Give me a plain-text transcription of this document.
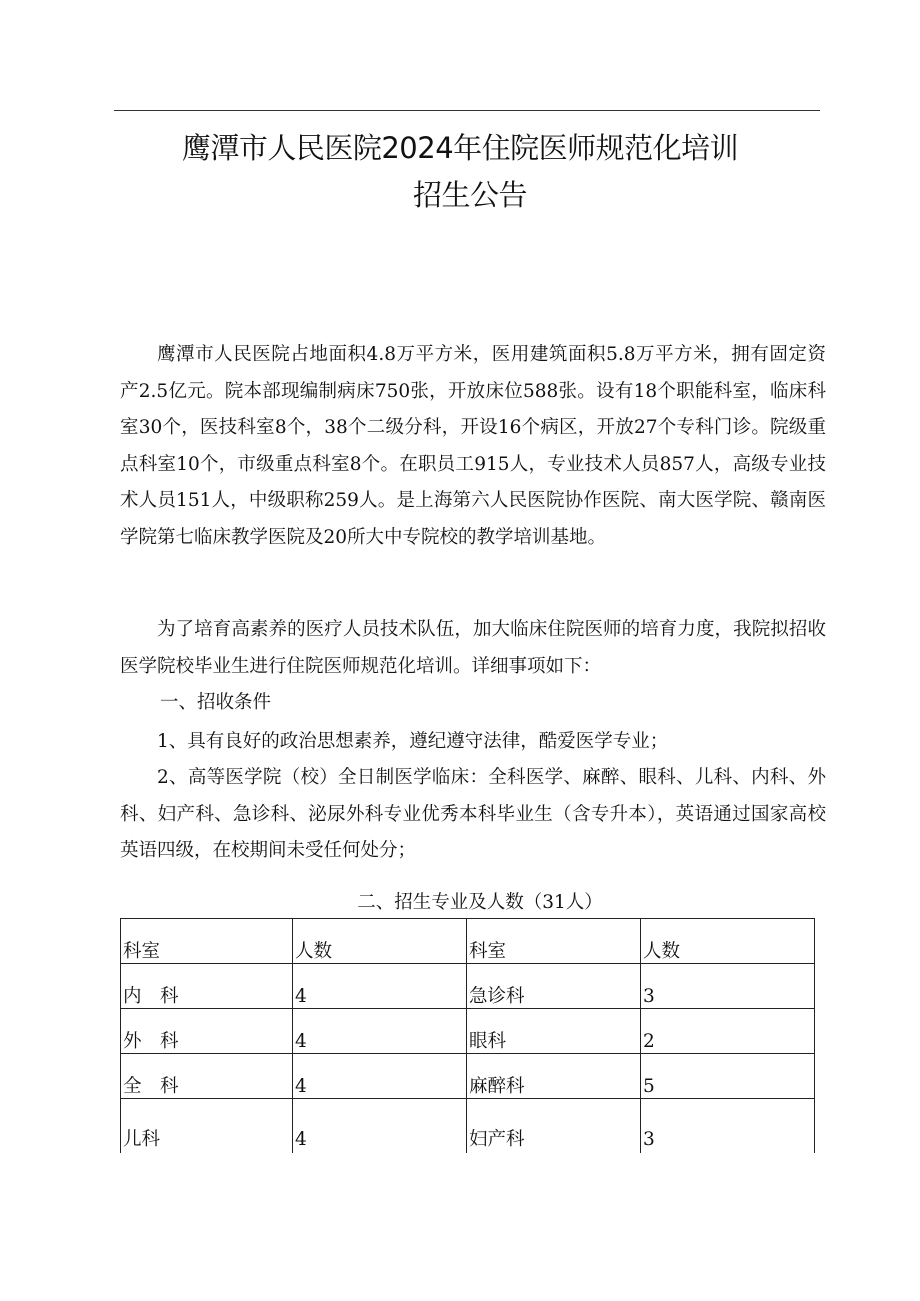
鹰潭市人民医院2024年住院医师规范化培训
招生公告
鹰潭市人民医院占地面积4.8万平方米，医用建筑面积5.8万平方米，拥有固定资产2.5亿元。院本部现编制病床750张，开放床位588张。设有18个职能科室，临床科室30个，医技科室8个，38个二级分科，开设16个病区，开放27个专科门诊。院级重点科室10个，市级重点科室8个。在职员工915人，专业技术人员857人，高级专业技术人员151人，中级职称259人。是上海第六人民医院协作医院、南大医学院、赣南医学院第七临床教学医院及20所大中专院校的教学培训基地。
为了培育高素养的医疗人员技术队伍，加大临床住院医师的培育力度，我院拟招收医学院校毕业生进行住院医师规范化培训。详细事项如下：
一、招收条件
1、具有良好的政治思想素养，遵纪遵守法律，酷爱医学专业；
2、高等医学院（校）全日制医学临床：全科医学、麻醉、眼科、儿科、内科、外科、妇产科、急诊科、泌尿外科专业优秀本科毕业生（含专升本），英语通过国家高校英语四级，在校期间未受任何处分；
二、招生专业及人数（31人）
科室	人数	科室	人数
内　科	4	急诊科	3
外　科	4	眼科	2
全　科	4	麻醉科	5
儿科	4	妇产科	3
